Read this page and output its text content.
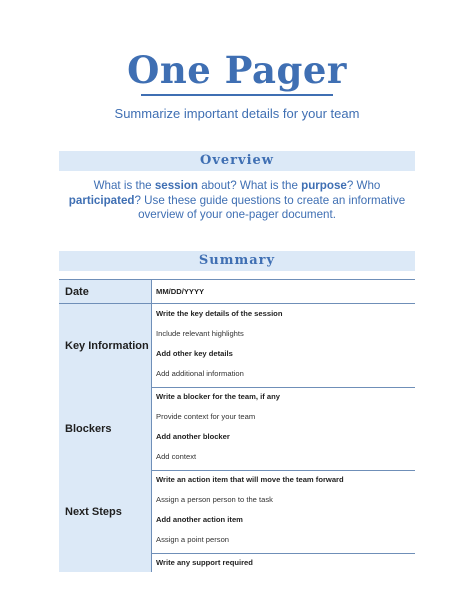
One Pager
Summarize important details for your team
Overview
What is the session about? What is the purpose? Who participated? Use these guide questions to create an informative overview of your one-pager document.
Summary
Date	MM/DD/YYYY
Key Information
Write the key details of the session
Include relevant highlights
Add other key details
Add additional information
Blockers
Write a blocker for the team, if any
Provide context for your team
Add another blocker
Add context
Next Steps
Write an action item that will move the team forward
Assign a person person to the task
Add another action item
Assign a point person
Write any support required
